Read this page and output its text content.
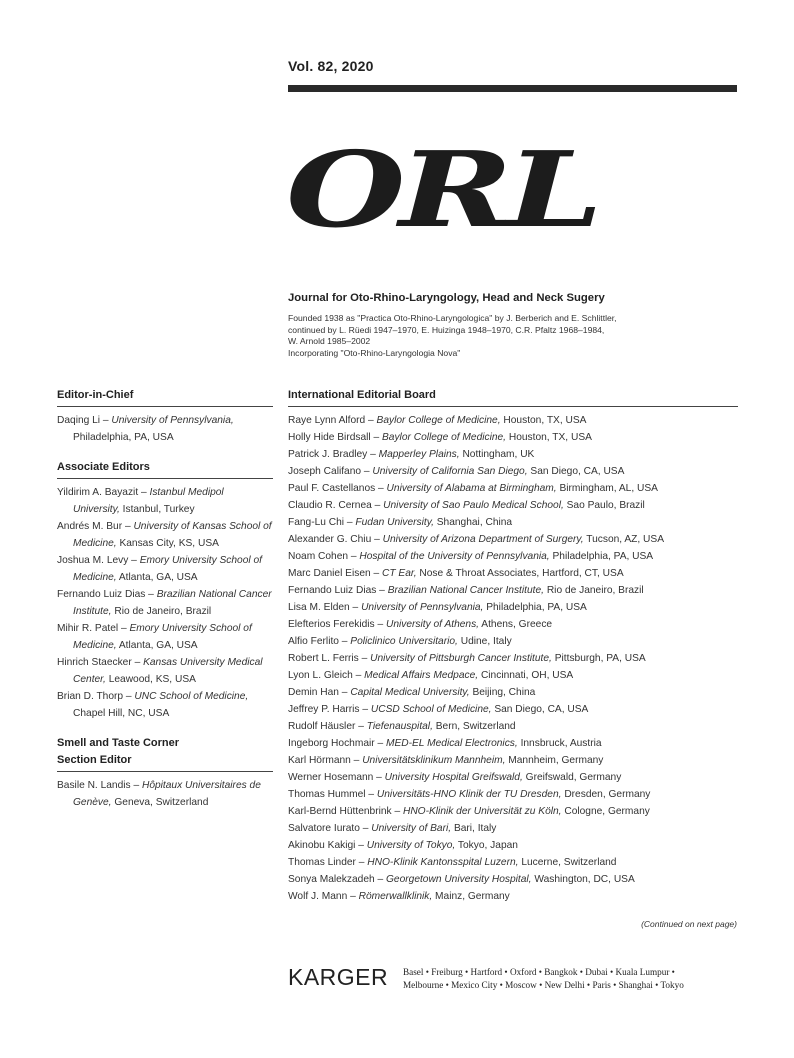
Vol. 82, 2020
ORL
Journal for Oto-Rhino-Laryngology, Head and Neck Sugery
Founded 1938 as "Practica Oto-Rhino-Laryngologica" by J. Berberich and E. Schlittler,
continued by L. Rüedi 1947–1970, E. Huizinga 1948–1970, C.R. Pfaltz 1968–1984,
W. Arnold 1985–2002
Incorporating "Oto-Rhino-Laryngologia Nova"
Editor-in-Chief
Daqing Li – University of Pennsylvania, Philadelphia, PA, USA
Associate Editors
Yildirim A. Bayazit – Istanbul Medipol University, Istanbul, Turkey
Andrés M. Bur – University of Kansas School of Medicine, Kansas City, KS, USA
Joshua M. Levy – Emory University School of Medicine, Atlanta, GA, USA
Fernando Luiz Dias – Brazilian National Cancer Institute, Rio de Janeiro, Brazil
Mihir R. Patel – Emory University School of Medicine, Atlanta, GA, USA
Hinrich Staecker – Kansas University Medical Center, Leawood, KS, USA
Brian D. Thorp – UNC School of Medicine, Chapel Hill, NC, USA
Smell and Taste Corner
Section Editor
Basile N. Landis – Hôpitaux Universitaires de Genève, Geneva, Switzerland
International Editorial Board
Raye Lynn Alford – Baylor College of Medicine, Houston, TX, USA
Holly Hide Birdsall – Baylor College of Medicine, Houston, TX, USA
Patrick J. Bradley – Mapperley Plains, Nottingham, UK
Joseph Califano – University of California San Diego, San Diego, CA, USA
Paul F. Castellanos – University of Alabama at Birmingham, Birmingham, AL, USA
Claudio R. Cernea – University of Sao Paulo Medical School, Sao Paulo, Brazil
Fang-Lu Chi – Fudan University, Shanghai, China
Alexander G. Chiu – University of Arizona Department of Surgery, Tucson, AZ, USA
Noam Cohen – Hospital of the University of Pennsylvania, Philadelphia, PA, USA
Marc Daniel Eisen – CT Ear, Nose & Throat Associates, Hartford, CT, USA
Fernando Luiz Dias – Brazilian National Cancer Institute, Rio de Janeiro, Brazil
Lisa M. Elden – University of Pennsylvania, Philadelphia, PA, USA
Elefterios Ferekidis – University of Athens, Athens, Greece
Alfio Ferlito – Policlinico Universitario, Udine, Italy
Robert L. Ferris – University of Pittsburgh Cancer Institute, Pittsburgh, PA, USA
Lyon L. Gleich – Medical Affairs Medpace, Cincinnati, OH, USA
Demin Han – Capital Medical University, Beijing, China
Jeffrey P. Harris – UCSD School of Medicine, San Diego, CA, USA
Rudolf Häusler – Tiefenauspital, Bern, Switzerland
Ingeborg Hochmair – MED-EL Medical Electronics, Innsbruck, Austria
Karl Hörmann – Universitätsklinikum Mannheim, Mannheim, Germany
Werner Hosemann – University Hospital Greifswald, Greifswald, Germany
Thomas Hummel – Universitäts-HNO Klinik der TU Dresden, Dresden, Germany
Karl-Bernd Hüttenbrink – HNO-Klinik der Universität zu Köln, Cologne, Germany
Salvatore Iurato – University of Bari, Bari, Italy
Akinobu Kakigi – University of Tokyo, Tokyo, Japan
Thomas Linder – HNO-Klinik Kantonsspital Luzern, Lucerne, Switzerland
Sonya Malekzadeh – Georgetown University Hospital, Washington, DC, USA
Wolf J. Mann – Römerwallklinik, Mainz, Germany
(Continued on next page)
KARGER Basel • Freiburg • Hartford • Oxford • Bangkok • Dubai • Kuala Lumpur •
Melbourne • Mexico City • Moscow • New Delhi • Paris • Shanghai • Tokyo
